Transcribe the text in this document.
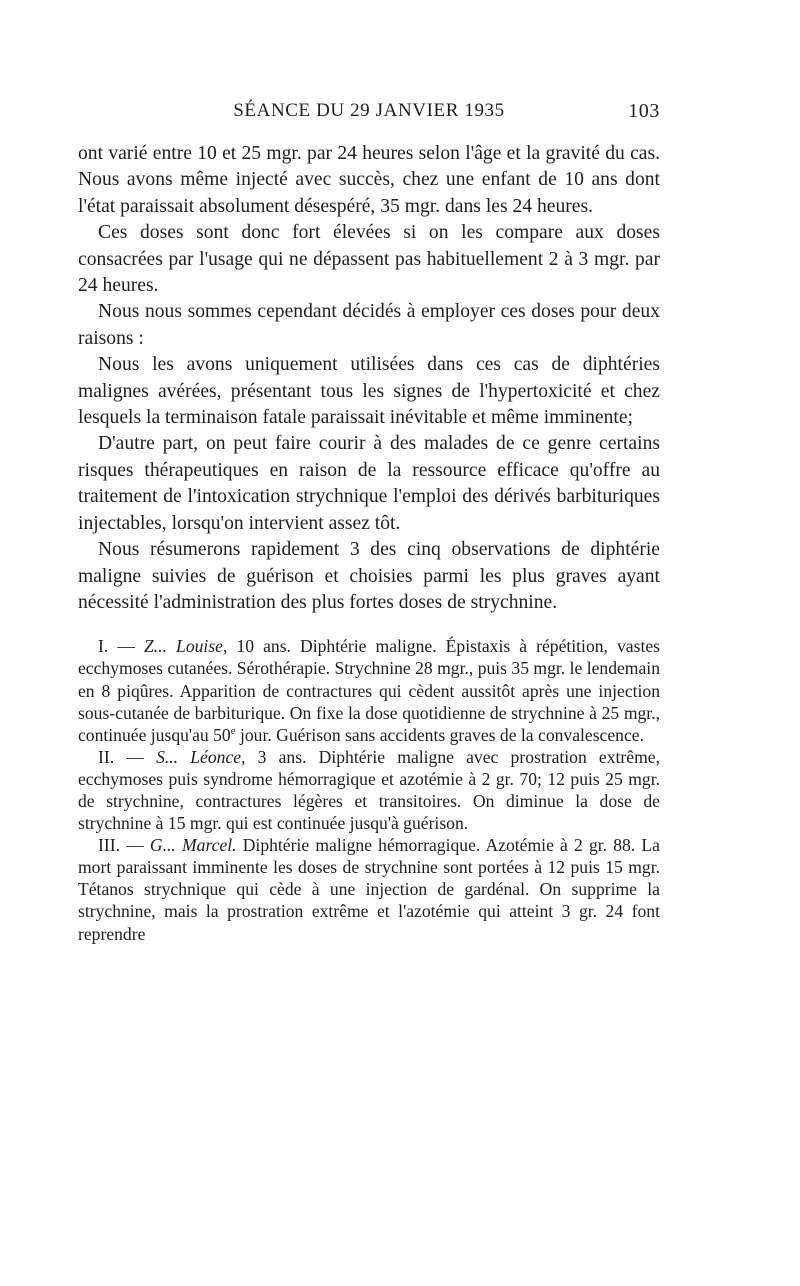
SÉANCE DU 29 JANVIER 1935	103

ont varié entre 10 et 25 mgr. par 24 heures selon l'âge et la gravité du cas. Nous avons même injecté avec succès, chez une enfant de 10 ans dont l'état paraissait absolument désespéré, 35 mgr. dans les 24 heures.

Ces doses sont donc fort élevées si on les compare aux doses consacrées par l'usage qui ne dépassent pas habituellement 2 à 3 mgr. par 24 heures.

Nous nous sommes cependant décidés à employer ces doses pour deux raisons :

Nous les avons uniquement utilisées dans ces cas de diphtéries malignes avérées, présentant tous les signes de l'hypertoxicité et chez lesquels la terminaison fatale paraissait inévitable et même imminente;

D'autre part, on peut faire courir à des malades de ce genre certains risques thérapeutiques en raison de la ressource efficace qu'offre au traitement de l'intoxication strychnique l'emploi des dérivés barbituriques injectables, lorsqu'on intervient assez tôt.

Nous résumerons rapidement 3 des cinq observations de diphtérie maligne suivies de guérison et choisies parmi les plus graves ayant nécessité l'administration des plus fortes doses de strychnine.

I. — Z... Louise, 10 ans. Diphtérie maligne. Épistaxis à répétition, vastes ecchymoses cutanées. Sérothérapie. Strychnine 28 mgr., puis 35 mgr. le lendemain en 8 piqûres. Apparition de contractures qui cèdent aussitôt après une injection sous-cutanée de barbiturique. On fixe la dose quotidienne de strychnine à 25 mgr., continuée jusqu'au 50e jour. Guérison sans accidents graves de la convalescence.

II. — S... Léonce, 3 ans. Diphtérie maligne avec prostration extrême, ecchymoses puis syndrome hémorragique et azotémie à 2 gr. 70; 12 puis 25 mgr. de strychnine, contractures légères et transitoires. On diminue la dose de strychnine à 15 mgr. qui est continuée jusqu'à guérison.

III. — G... Marcel. Diphtérie maligne hémorragique. Azotémie à 2 gr. 88. La mort paraissant imminente les doses de strychnine sont portées à 12 puis 15 mgr. Tétanos strychnique qui cède à une injection de gardénal. On supprime la strychnine, mais la prostration extrême et l'azotémie qui atteint 3 gr. 24 font reprendre
